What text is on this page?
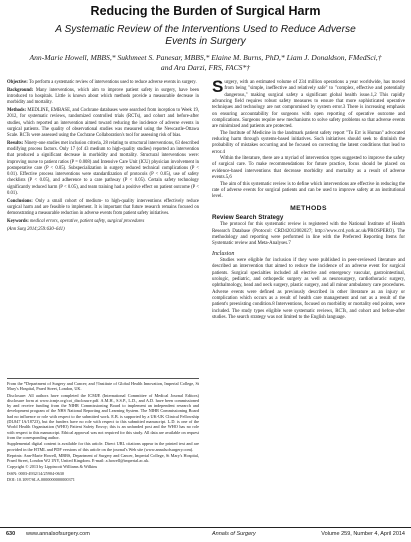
Reducing the Burden of Surgical Harm
A Systematic Review of the Interventions Used to Reduce Adverse
Events in Surgery
Ann-Marie Howell, MBBS,* Sukhmeet S. Panesar, MBBS,* Elaine M. Burns, PhD,* Liam J. Donaldson, FMedSci,†
and Ara Darzi, FRS, FACS*†

Objective: To perform a systematic review of interventions used to reduce adverse events in surgery.

Background: Many interventions, which aim to improve patient safety in surgery, have been introduced to hospitals. Little is known about which methods provide a measurable decrease in morbidity and mortality.

Methods: MEDLINE, EMBASE, and Cochrane databases were searched from inception to Week 19, 2012, for systematic reviews, randomized controlled trials (RCTs), and cohort and before-after studies, which reported an intervention aimed toward reducing the incidence of adverse events in surgical patients. The quality of observational studies was measured using the Newcastle-Ottawa Scale. RCTs were assessed using the Cochrane Collaboration's tool for assessing risk of bias.

Results: Ninety-one studies met inclusion criteria, 28 relating to structural interventions, 63 described modifying process factors. Only 17 (of 43 medium to high-quality studies) reported an intervention that produced a significant decrease in morbidity and mortality. Structural interventions were: improving nurse to patient ratios (P = 0.008) and Intensive Care Unit (ICU) physician involvement in postoperative care (P < 0.05). Subspecialization in surgery reduced technical complications (P < 0.01). Effective process interventions were standardization of protocols (P < 0.05), use of safety checklists (P < 0.05), and adherence to a care pathway (P < 0.05). Certain safety technology significantly reduced harm (P < 0.05), and team training had a positive effect on patient outcome (P < 0.01).

Conclusions: Only a small cohort of medium- to high-quality interventions effectively reduce surgical harm and are feasible to implement. It is important that future research remains focused on demonstrating a measurable reduction in adverse events from patient safety initiatives.

Keywords: medical errors, operative, patient safety, surgical procedures

(Ann Surg 2014;259:630–641)

From the *Department of Surgery and Cancer; and †Institute of Global Health Innovation, Imperial College, St Mary's Hospital, Praed Street, London, UK.

Disclosure: All authors have completed the ICMJE (International Committee of Medical Journal Editors) disclosure form at www.icmje.org/coi_disclosure.pdf. A.M.H., S.S.P., L.D., and A.D. have been commissioned by and receive funding from the NIHR Commissioning Board to implement an independent research and development program of the NHS National Reporting and Learning System. The NIHR Commissioning Board had no influence or role with respect to the submitted work. E.B. is supported by a UK-UK Clinical Fellowship (DL847 IA/18723), but the funders have no role with respect to this submitted manuscript. L.D. is one of the World Health Organization (WHO) Patient Safety Envoy; this is an unfunded post and the WHO has no role with respect to this manuscript. Ethical approval was not required for this study. All data are available on request from the corresponding author.

Supplemental digital content is available for this article. Direct URL citations appear in the printed text and are provided in the HTML and PDF versions of this article on the journal's Web site (www.annalsofsurgery.com).

Reprints: Ann-Marie Howell, MBBS, Department of Surgery and Cancer, Imperial College, St Mary's Hospital, Praed Street, London W2 1NY, United Kingdom. E-mail: a.howell@imperial.ac.uk.

Copyright © 2013 by Lippincott Williams & Wilkins

ISSN: 0003-4932/14/25904-0630

DOI: 10.1097/SLA.0000000000000371

Surgery, with an estimated volume of 234 million operations a year worldwide, has moved from being "simple, ineffective and relatively safe" to "complex, effective and potentially dangerous," making surgical safety a significant global health issue.1,2 This rapidly advancing field requires robust safety measures to ensure that more sophisticated operative techniques and technology are not compromised by system error.3 There is increasing emphasis on ensuring accountability for surgeons with open reporting of operative outcome and complications. Surgeons require new mechanisms to solve safety problems so that adverse events are minimized and patients are protected.

The Institute of Medicine in the landmark patient safety report "To Err is Human" advocated reducing harm through systems-based initiatives. Such initiatives should seek to diminish the probability of mistakes occurring and be focused on correcting the latent conditions that lead to error.4

Within the literature, there are a myriad of intervention types suggested to improve the safety of surgical care. To make recommendations for future practice, focus should be placed on evidence-based interventions that decrease morbidity and mortality as a result of adverse events.5,6

The aim of this systematic review is to define which interventions are effective in reducing the rate of adverse events for surgical patients and can be used to improve safety at an institutional level.

METHODS
Review Search Strategy

The protocol for this systematic review is registered with the National Institute of Health Research Database (Protocol: CRD42012002027; http://www.crd.york.ac.uk/PROSPERO). The methodology and reporting were performed in line with the Preferred Reporting Items for Systematic review and Meta-Analyses.7

Inclusion

Studies were eligible for inclusion if they were published in peer-reviewed literature and described an intervention that aimed to reduce the incidence of an adverse event for surgical patients. Surgical specialties included all elective and emergency vascular, gastrointestinal, urologic, pediatric, and orthopedic surgery as well as neurosurgery, cardiothoracic surgery, ophthalmology, head and neck surgery, plastic surgery, and all minor ambulatory care procedures. Adverse events were defined as previously described in other literature as an injury or complication which occurs as a result of health care management and not as a result of the patient's preexisting condition.8 Interventions, focused on morbidity or mortality end points, were included. The study types eligible were systematic reviews, RCTs, and cohort and before-after studies. The search strategy was not limited to the English language.

630 www.annalsofsurgery.com	Annals of Surgery	Volume 259, Number 4, April 2014
